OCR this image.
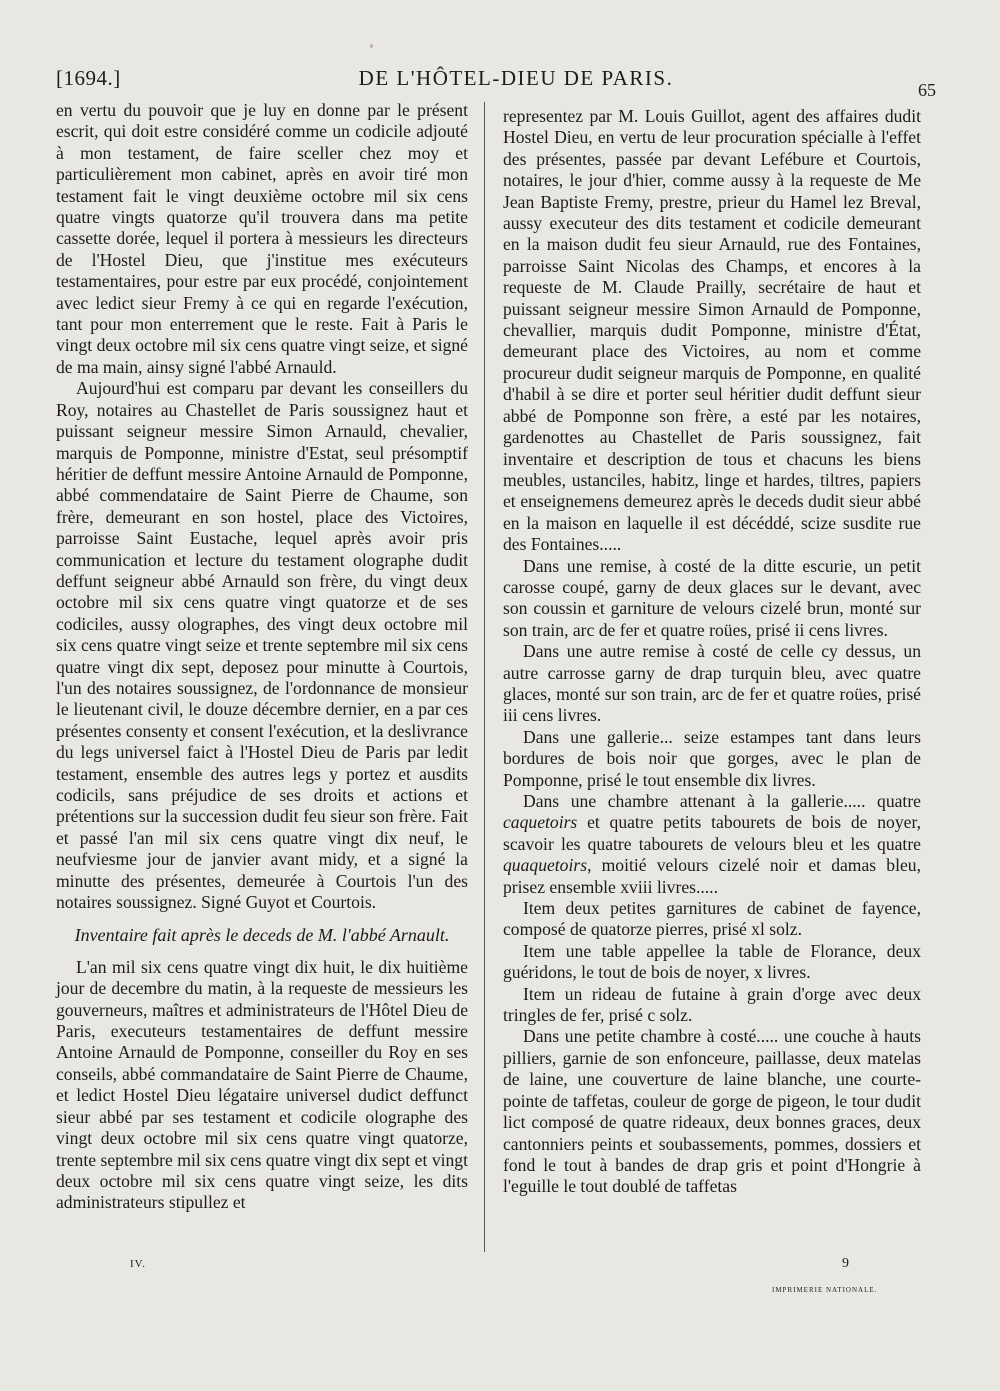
[1694.]	DE L'HÔTEL-DIEU DE PARIS.	65

en vertu du pouvoir que je luy en donne par le présent escrit, qui doit estre considéré comme un codicile adjouté à mon testament, de faire sceller chez moy et particulièrement mon cabinet, après en avoir tiré mon testament fait le vingt deuxième octobre mil six cens quatre vingts quatorze qu'il trouvera dans ma petite cassette dorée, lequel il portera à messieurs les directeurs de l'Hostel Dieu, que j'institue mes exécuteurs testamentaires, pour estre par eux procédé, conjointement avec ledict sieur Fremy à ce qui en regarde l'exécution, tant pour mon enterrement que le reste. Fait à Paris le vingt deux octobre mil six cens quatre vingt seize, et signé de ma main, ainsy signé l'abbé Arnauld.

Aujourd'hui est comparu par devant les conseillers du Roy, notaires au Chastellet de Paris soussignez haut et puissant seigneur messire Simon Arnauld, chevalier, marquis de Pomponne, ministre d'Estat, seul présomptif héritier de deffunt messire Antoine Arnauld de Pomponne, abbé commendataire de Saint Pierre de Chaume, son frère, demeurant en son hostel, place des Victoires, parroisse Saint Eustache, lequel après avoir pris communication et lecture du testament olographe dudit deffunt seigneur abbé Arnauld son frère, du vingt deux octobre mil six cens quatre vingt quatorze et de ses codiciles, aussy olographes, des vingt deux octobre mil six cens quatre vingt seize et trente septembre mil six cens quatre vingt dix sept, deposez pour minutte à Courtois, l'un des notaires soussignez, de l'ordonnance de monsieur le lieutenant civil, le douze décembre dernier, en a par ces présentes consenty et consent l'exécution, et la deslivrance du legs universel faict à l'Hostel Dieu de Paris par ledit testament, ensemble des autres legs y portez et ausdits codicils, sans préjudice de ses droits et actions et prétentions sur la succession dudit feu sieur son frère. Fait et passé l'an mil six cens quatre vingt dix neuf, le neufviesme jour de janvier avant midy, et a signé la minutte des présentes, demeurée à Courtois l'un des notaires soussignez. Signé Guyot et Courtois.

Inventaire fait après le deceds de M. l'abbé Arnault.

L'an mil six cens quatre vingt dix huit, le dix huitième jour de decembre du matin, à la requeste de messieurs les gouverneurs, maîtres et administrateurs de l'Hôtel Dieu de Paris, executeurs testamentaires de deffunt messire Antoine Arnauld de Pomponne, conseiller du Roy en ses conseils, abbé commandataire de Saint Pierre de Chaume, et ledict Hostel Dieu légataire universel dudict deffunct sieur abbé par ses testament et codicile olographe des vingt deux octobre mil six cens quatre vingt quatorze, trente septembre mil six cens quatre vingt dix sept et vingt deux octobre mil six cens quatre vingt seize, les dits administrateurs stipullez et

representez par M. Louis Guillot, agent des affaires dudit Hostel Dieu, en vertu de leur procuration spécialle à l'effet des présentes, passée par devant Lefébure et Courtois, notaires, le jour d'hier, comme aussy à la requeste de Me Jean Baptiste Fremy, prestre, prieur du Hamel lez Breval, aussy executeur des dits testament et codicile demeurant en la maison dudit feu sieur Arnauld, rue des Fontaines, parroisse Saint Nicolas des Champs, et encores à la requeste de M. Claude Prailly, secrétaire de haut et puissant seigneur messire Simon Arnauld de Pomponne, chevallier, marquis dudit Pomponne, ministre d'État, demeurant place des Victoires, au nom et comme procureur dudit seigneur marquis de Pomponne, en qualité d'habil à se dire et porter seul héritier dudit deffunt sieur abbé de Pomponne son frère, a esté par les notaires, gardenottes au Chastellet de Paris soussignez, fait inventaire et description de tous et chacuns les biens meubles, ustanciles, habitz, linge et hardes, tiltres, papiers et enseignemens demeurez après le deceds dudit sieur abbé en la maison en laquelle il est décéddé, scize susdite rue des Fontaines.....

Dans une remise, à costé de la ditte escurie, un petit carosse coupé, garny de deux glaces sur le devant, avec son coussin et garniture de velours cizelé brun, monté sur son train, arc de fer et quatre roües, prisé ii cens livres.

Dans une autre remise à costé de celle cy dessus, un autre carrosse garny de drap turquin bleu, avec quatre glaces, monté sur son train, arc de fer et quatre roües, prisé iii cens livres.

Dans une gallerie... seize estampes tant dans leurs bordures de bois noir que gorges, avec le plan de Pomponne, prisé le tout ensemble dix livres.

Dans une chambre attenant à la gallerie..... quatre caquetoirs et quatre petits tabourets de bois de noyer, scavoir les quatre tabourets de velours bleu et les quatre quaquetoirs, moitié velours cizelé noir et damas bleu, prisez ensemble xviii livres.....

Item deux petites garnitures de cabinet de fayence, composé de quatorze pierres, prisé xl solz.

Item une table appellee la table de Florance, deux guéridons, le tout de bois de noyer, x livres.

Item un rideau de futaine à grain d'orge avec deux tringles de fer, prisé c solz.

Dans une petite chambre à costé..... une couche à hauts pilliers, garnie de son enfonceure, paillasse, deux matelas de laine, une couverture de laine blanche, une courte-pointe de taffetas, couleur de gorge de pigeon, le tour dudit lict composé de quatre rideaux, deux bonnes graces, deux cantonniers peints et soubassements, pommes, dossiers et fond le tout à bandes de drap gris et point d'Hongrie à l'eguille le tout doublé de taffetas

IV.	9
IMPRIMERIE NATIONALE.
